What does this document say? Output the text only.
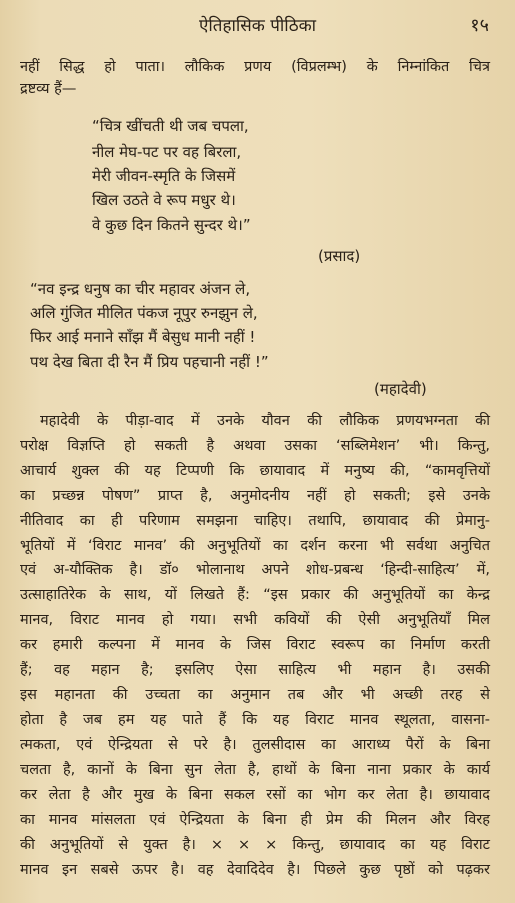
ऐतिहासिक पीठिका	१५
नहीं सिद्ध हो पाता। लौकिक प्रणय (विप्रलम्भ) के निम्नांकित चित्र
द्रष्टव्य हैं—
“चित्र खींचती थी जब चपला,
नील मेघ-पट पर वह बिरला,
मेरी जीवन-स्मृति के जिसमें
खिल उठते वे रूप मधुर थे।
वे कुछ दिन कितने सुन्दर थे।”
(प्रसाद)
“नव इन्द्र धनुष का चीर महावर अंजन ले,
अलि गुंजित मीलित पंकज नूपुर रुनझुन ले,
फिर आई मनाने साँझ मैं बेसुध मानी नहीं !
पथ देख बिता दी रैन मैं प्रिय पहचानी नहीं !”
(महादेवी)
महादेवी के पीड़ा-वाद में उनके यौवन की लौकिक प्रणयभग्नता की
परोक्ष विज्ञप्ति हो सकती है अथवा उसका ‘सब्लिमेशन’ भी। किन्तु,
आचार्य शुक्ल की यह टिप्पणी कि छायावाद में मनुष्य की, “कामवृत्तियों
का प्रच्छन्न पोषण” प्राप्त है, अनुमोदनीय नहीं हो सकती; इसे उनके
नीतिवाद का ही परिणाम समझना चाहिए। तथापि, छायावाद की प्रेमानु-
भूतियों में ‘विराट मानव’ की अनुभूतियों का दर्शन करना भी सर्वथा अनुचित
एवं अ-यौक्तिक है। डॉ० भोलानाथ अपने शोध-प्रबन्ध ‘हिन्दी-साहित्य’ में,
उत्साहातिरेक के साथ, यों लिखते हैं: “इस प्रकार की अनुभूतियों का केन्द्र
मानव, विराट मानव हो गया। सभी कवियों की ऐसी अनुभूतियाँ मिल
कर हमारी कल्पना में मानव के जिस विराट स्वरूप का निर्माण करती
हैं; वह महान है; इसलिए ऐसा साहित्य भी महान है। उसकी
इस महानता की उच्चता का अनुमान तब और भी अच्छी तरह से
होता है जब हम यह पाते हैं कि यह विराट मानव स्थूलता, वासना-
त्मकता, एवं ऐन्द्रियता से परे है। तुलसीदास का आराध्य पैरों के बिना
चलता है, कानों के बिना सुन लेता है, हाथों के बिना नाना प्रकार के कार्य
कर लेता है और मुख के बिना सकल रसों का भोग कर लेता है। छायावाद
का मानव मांसलता एवं ऐन्द्रियता के बिना ही प्रेम की मिलन और विरह
की अनुभूतियों से युक्त है। × × × किन्तु, छायावाद का यह विराट
मानव इन सबसे ऊपर है। वह देवादिदेव है। पिछले कुछ पृष्ठों को पढ़कर
